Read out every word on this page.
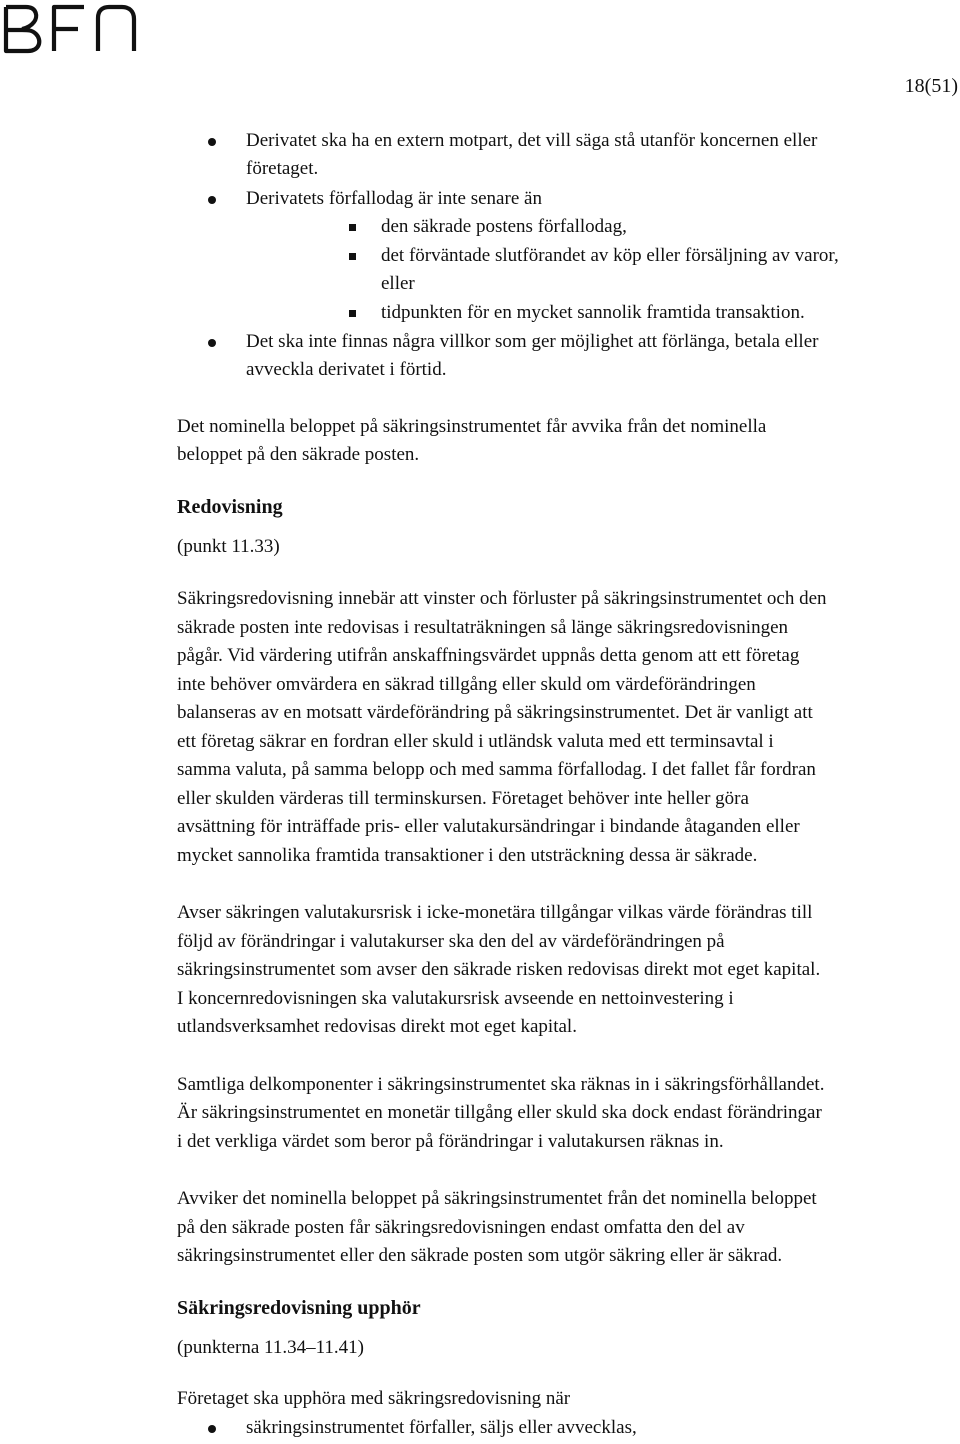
18(51)
Derivatet ska ha en extern motpart, det vill säga stå utanför koncernen eller
företaget.
Derivatets förfallodag är inte senare än
den säkrade postens förfallodag,
det förväntade slutförandet av köp eller försäljning av varor,
eller
tidpunkten för en mycket sannolik framtida transaktion.
Det ska inte finnas några villkor som ger möjlighet att förlänga, betala eller
avveckla derivatet i förtid.
Det nominella beloppet på säkringsinstrumentet får avvika från det nominella
beloppet på den säkrade posten.
Redovisning
(punkt 11.33)
Säkringsredovisning innebär att vinster och förluster på säkringsinstrumentet och den
säkrade posten inte redovisas i resultaträkningen så länge säkringsredovisningen
pågår. Vid värdering utifrån anskaffningsvärdet uppnås detta genom att ett företag
inte behöver omvärdera en säkrad tillgång eller skuld om värdeförändringen
balanseras av en motsatt värdeförändring på säkringsinstrumentet. Det är vanligt att
ett företag säkrar en fordran eller skuld i utländsk valuta med ett terminsavtal i
samma valuta, på samma belopp och med samma förfallodag. I det fallet får fordran
eller skulden värderas till terminskursen. Företaget behöver inte heller göra
avsättning för inträffade pris- eller valutakursändringar i bindande åtaganden eller
mycket sannolika framtida transaktioner i den utsträckning dessa är säkrade.
Avser säkringen valutakursrisk i icke-monetära tillgångar vilkas värde förändras till
följd av förändringar i valutakurser ska den del av värdeförändringen på
säkringsinstrumentet som avser den säkrade risken redovisas direkt mot eget kapital.
I koncernredovisningen ska valutakursrisk avseende en nettoinvestering i
utlandsverksamhet redovisas direkt mot eget kapital.
Samtliga delkomponenter i säkringsinstrumentet ska räknas in i säkringsförhållandet.
Är säkringsinstrumentet en monetär tillgång eller skuld ska dock endast förändringar
i det verkliga värdet som beror på förändringar i valutakursen räknas in.
Avviker det nominella beloppet på säkringsinstrumentet från det nominella beloppet
på den säkrade posten får säkringsredovisningen endast omfatta den del av
säkringsinstrumentet eller den säkrade posten som utgör säkring eller är säkrad.
Säkringsredovisning upphör
(punkterna 11.34–11.41)
Företaget ska upphöra med säkringsredovisning när
säkringsinstrumentet förfaller, säljs eller avvecklas,
